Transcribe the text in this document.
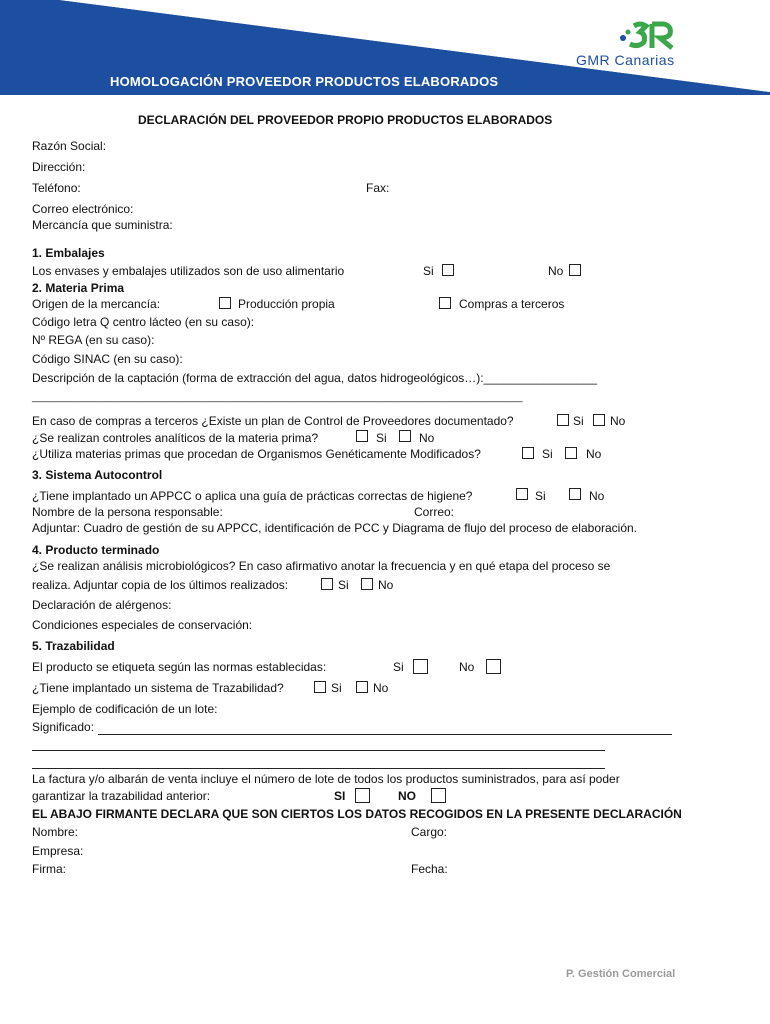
HOMOLOGACIÓN PROVEEDOR PRODUCTOS ELABORADOS
GMR Canarias
DECLARACIÓN DEL PROVEEDOR PROPIO PRODUCTOS ELABORADOS
Razón Social:
Dirección:
Teléfono:	Fax:
Correo electrónico:
Mercancía que suministra:
1. Embalajes
Los envases y embalajes utilizados son de uso alimentario	Si	No
2. Materia Prima
Origen de la mercancía:	Producción propia	Compras a terceros
Código letra Q centro lácteo (en su caso):
Nº REGA (en su caso):
Código SINAC (en su caso):
Descripción de la captación (forma de extracción del agua, datos hidrogeológicos…):_________________
____________________________________________________________________________________
En caso de compras a terceros ¿Existe un plan de Control de Proveedores documentado?	Si No
¿Se realizan controles analíticos de la materia prima?	Si	No
¿Utiliza materias primas que procedan de Organismos Genéticamente Modificados?	Si	No
3. Sistema Autocontrol
¿Tiene implantado un APPCC o aplica una guía de prácticas correctas de higiene?	Si	No
Nombre de la persona responsable:	Correo:
Adjuntar: Cuadro de gestión de su APPCC, identificación de PCC y Diagrama de flujo del proceso de elaboración.
4. Producto terminado
¿Se realizan análisis microbiológicos? En caso afirmativo anotar la frecuencia y en qué etapa del proceso se
realiza. Adjuntar copia de los últimos realizados:	Si No
Declaración de alérgenos:
Condiciones especiales de conservación:
5. Trazabilidad
El producto se etiqueta según las normas establecidas:	Si	No
¿Tiene implantado un sistema de Trazabilidad?	Si	No
Ejemplo de codificación de un lote:
Significado:
La factura y/o albarán de venta incluye el número de lote de todos los productos suministrados, para así poder
garantizar la trazabilidad anterior:	SI	NO
EL ABAJO FIRMANTE DECLARA QUE SON CIERTOS LOS DATOS RECOGIDOS EN LA PRESENTE DECLARACIÓN
Nombre:	Cargo:
Empresa:
Firma:	Fecha:
P. Gestión Comercial
